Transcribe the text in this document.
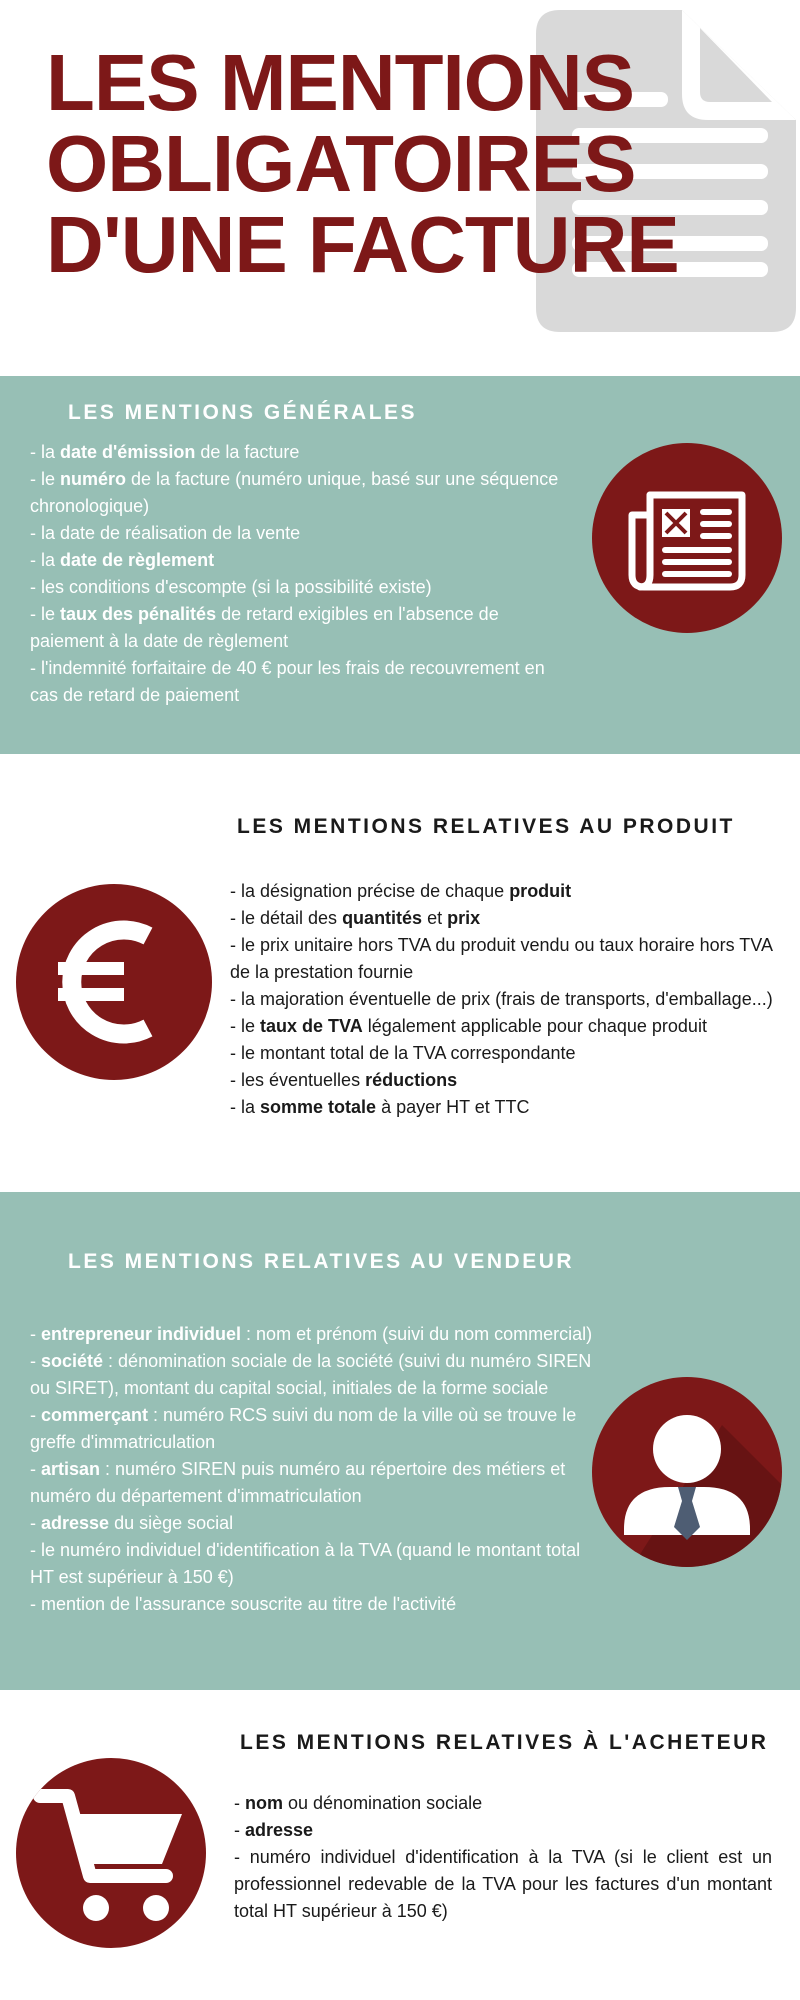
LES MENTIONS
OBLIGATOIRES
D'UNE FACTURE
LES MENTIONS GÉNÉRALES
- la date d'émission de la facture
- le numéro de la facture (numéro unique, basé sur une séquence chronologique)
- la date de réalisation de la vente
- la date de règlement
- les conditions d'escompte (si la possibilité existe)
- le taux des pénalités de retard exigibles en l'absence de paiement à la date de règlement
- l'indemnité forfaitaire de 40 € pour les frais de recouvrement en cas de retard de paiement
LES MENTIONS RELATIVES AU PRODUIT
- la désignation précise de chaque produit
- le détail des quantités et prix
- le prix unitaire hors TVA du produit vendu ou taux horaire hors TVA de la prestation fournie
- la majoration éventuelle de prix (frais de transports, d'emballage...)
- le taux de TVA légalement applicable pour chaque produit
- le montant total de la TVA correspondante
- les éventuelles réductions
- la somme totale à payer HT et TTC
LES MENTIONS RELATIVES AU VENDEUR
- entrepreneur individuel : nom et prénom (suivi du nom commercial)
- société : dénomination sociale de la société (suivi du numéro SIREN ou SIRET), montant du capital social, initiales de la forme sociale
- commerçant : numéro RCS suivi du nom de la ville où se trouve le greffe d'immatriculation
- artisan : numéro SIREN puis numéro au répertoire des métiers et numéro du département d'immatriculation
- adresse du siège social
- le numéro individuel d'identification à la TVA (quand le montant total HT est supérieur à 150 €)
- mention de l'assurance souscrite au titre de l'activité
LES MENTIONS RELATIVES À L'ACHETEUR
- nom ou dénomination sociale
- adresse
- numéro individuel d'identification à la TVA (si le client est un professionnel redevable de la TVA pour les factures d'un montant total HT supérieur à 150 €)
